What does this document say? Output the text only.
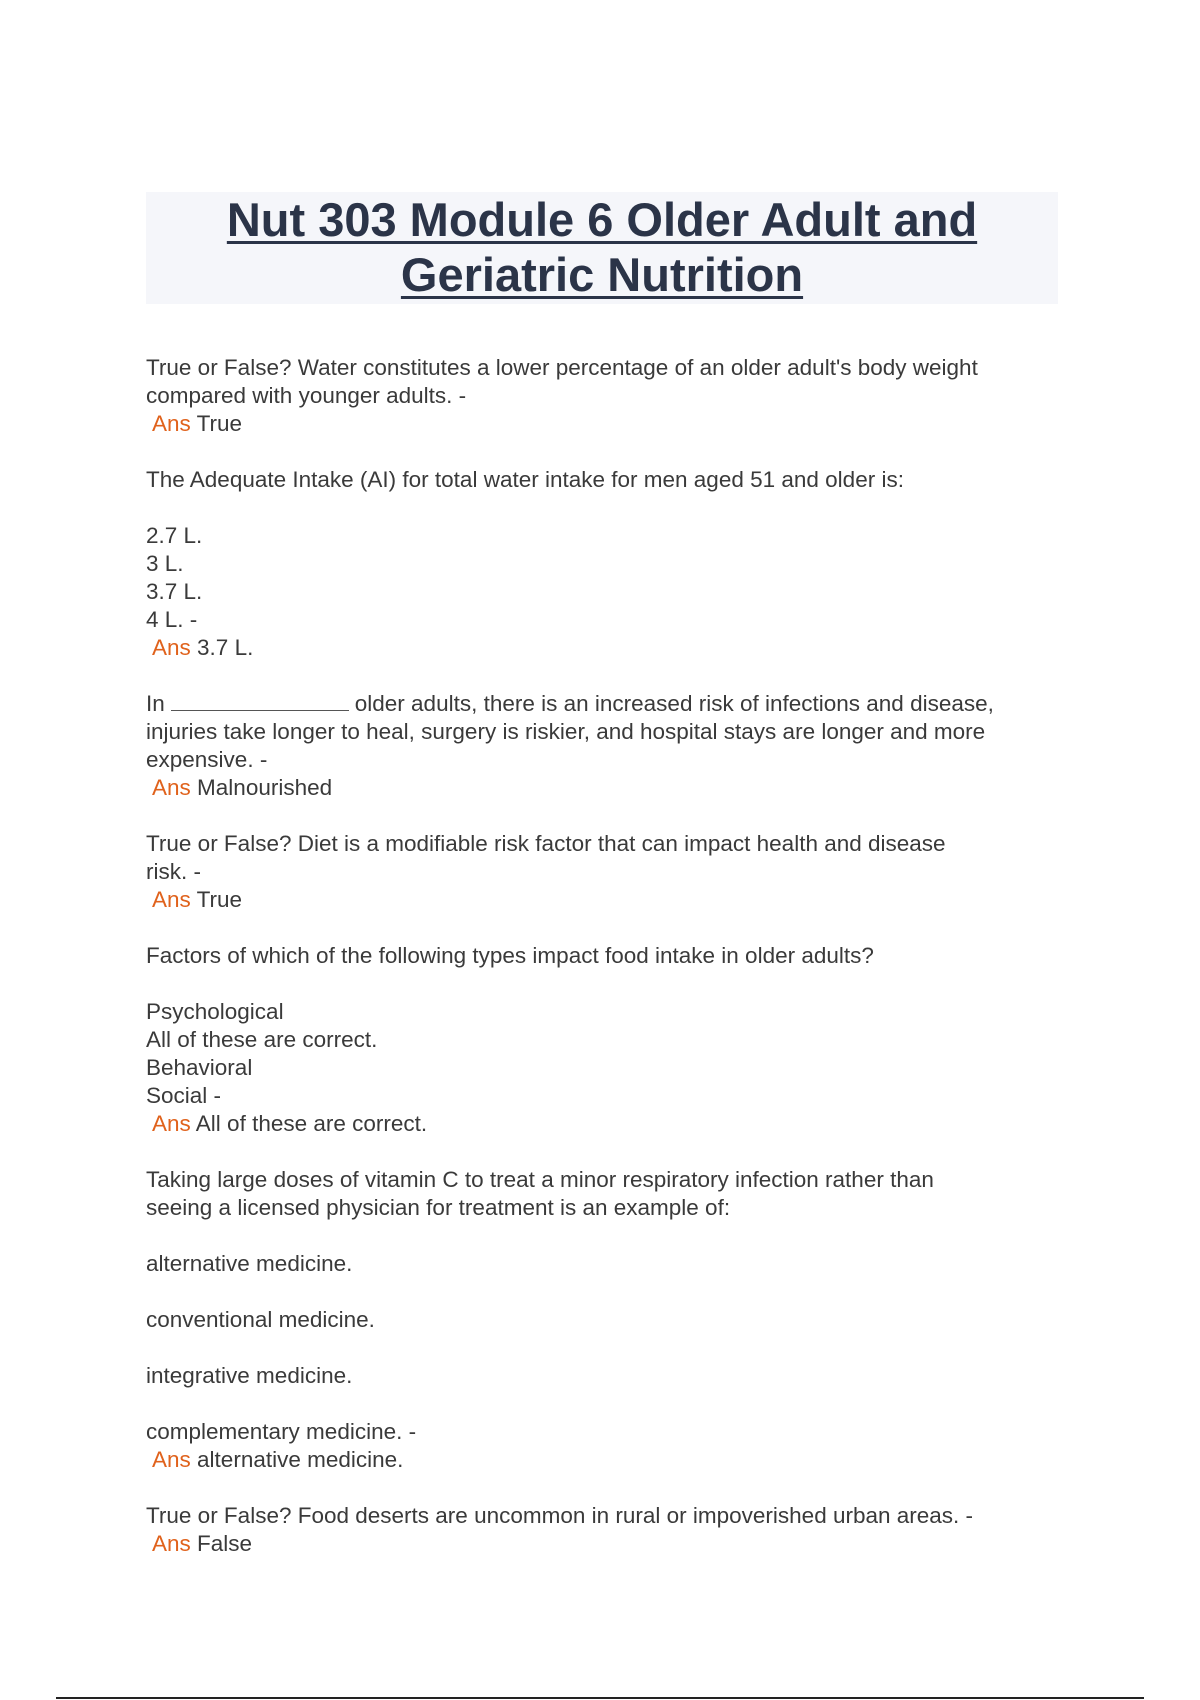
Nut 303 Module 6 Older Adult and
Geriatric Nutrition
True or False? Water constitutes a lower percentage of an older adult's body weight
compared with younger adults. -
Ans True
The Adequate Intake (AI) for total water intake for men aged 51 and older is:
2.7 L.
3 L.
3.7 L.
4 L. -
Ans 3.7 L.
In	older adults, there is an increased risk of infections and disease,
injuries take longer to heal, surgery is riskier, and hospital stays are longer and more
expensive. -
Ans Malnourished
True or False? Diet is a modifiable risk factor that can impact health and disease
risk. -
Ans True
Factors of which of the following types impact food intake in older adults?
Psychological
All of these are correct.
Behavioral
Social -
Ans All of these are correct.
Taking large doses of vitamin C to treat a minor respiratory infection rather than
seeing a licensed physician for treatment is an example of:
alternative medicine.
conventional medicine.
integrative medicine.
complementary medicine. -
Ans alternative medicine.
True or False? Food deserts are uncommon in rural or impoverished urban areas. -
Ans False
